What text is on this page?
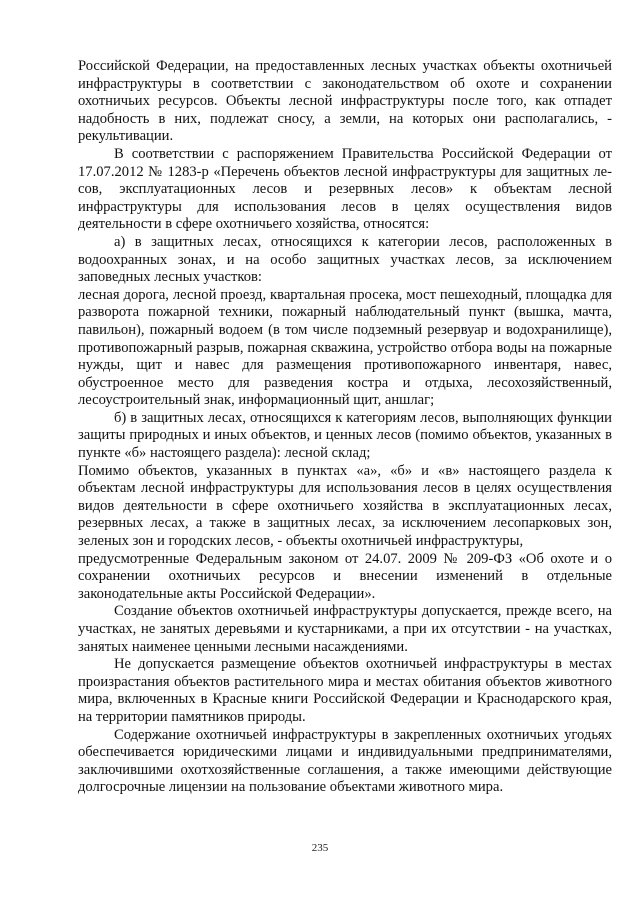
Российской Федерации, на предоставленных лесных участках объекты охотничьей инфраструктуры в соответствии с законодательством об охоте и сохранении охотничьих ресурсов. Объекты лесной инфраструктуры после того, как отпадет надобность в них, подлежат сносу, а земли, на которых они располагались, - рекультивации.

В соответствии с распоряжением Правительства Российской Федерации от 17.07.2012 № 1283-р «Перечень объектов лесной инфраструктуры для защитных ле-сов, эксплуатационных лесов и резервных лесов» к объектам лесной инфраструктуры для использования лесов в целях осуществления видов деятельности в сфере охотничьего хозяйства, относятся:

а) в защитных лесах, относящихся к категории лесов, расположенных в водоохранных зонах, и на особо защитных участках лесов, за исключением заповедных лесных участков:

лесная дорога, лесной проезд, квартальная просека, мост пешеходный, площадка для разворота пожарной техники, пожарный наблюдательный пункт (вышка, мачта, павильон), пожарный водоем (в том числе подземный резервуар и водохранилище), противопожарный разрыв, пожарная скважина, устройство отбора воды на пожарные нужды, щит и навес для размещения противопожарного инвентаря, навес, обустроенное место для разведения костра и отдыха, лесохозяйственный, лесоустроительный знак, информационный щит, аншлаг;

б) в защитных лесах, относящихся к категориям лесов, выполняющих функции защиты природных и иных объектов, и ценных лесов (помимо объектов, указанных в пункте «б» настоящего раздела): лесной склад;

Помимо объектов, указанных в пунктах «а», «б» и «в» настоящего раздела к объектам лесной инфраструктуры для использования лесов в целях осуществления видов деятельности в сфере охотничьего хозяйства в эксплуатационных лесах, резервных лесах, а также в защитных лесах, за исключением лесопарковых зон, зеленых зон и городских лесов, - объекты охотничьей инфраструктуры,

предусмотренные Федеральным законом от 24.07. 2009 № 209-ФЗ «Об охоте и о сохранении охотничьих ресурсов и внесении изменений в отдельные законодательные акты Российской Федерации».

Создание объектов охотничьей инфраструктуры допускается, прежде всего, на участках, не занятых деревьями и кустарниками, а при их отсутствии - на участках, занятых наименее ценными лесными насаждениями.

Не допускается размещение объектов охотничьей инфраструктуры в местах произрастания объектов растительного мира и местах обитания объектов животного мира, включенных в Красные книги Российской Федерации и Краснодарского края, на территории памятников природы.

Содержание охотничьей инфраструктуры в закрепленных охотничьих угодьях обеспечивается юридическими лицами и индивидуальными предпринимателями, заключившими охотхозяйственные соглашения, а также имеющими действующие долгосрочные лицензии на пользование объектами животного мира.

235
